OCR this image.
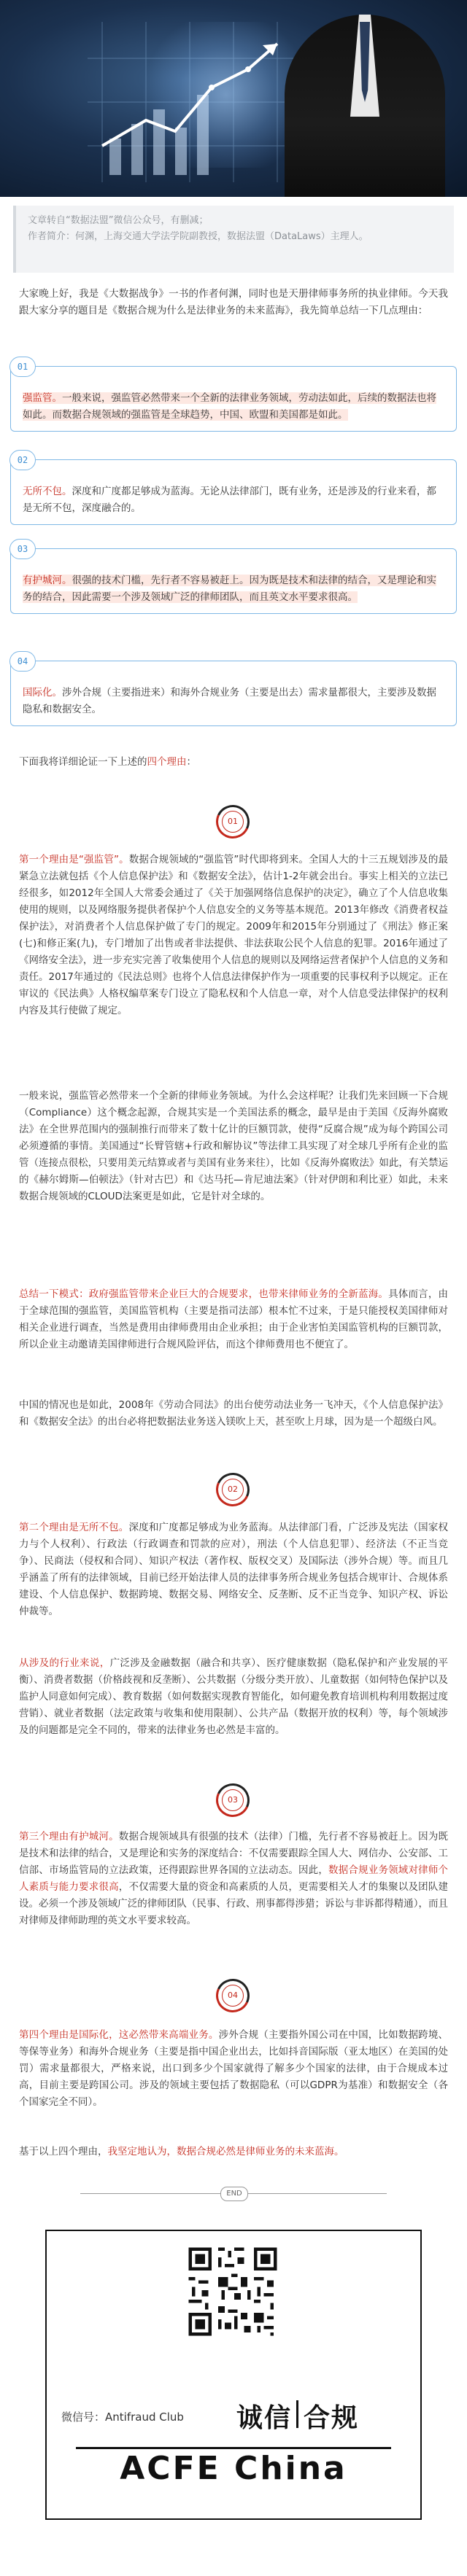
文章转自“数据法盟”微信公众号，有删减；

作者简介：何渊，上海交通大学法学院副教授，数据法盟（DataLaws）主理人。

大家晚上好，我是《大数据战争》一书的作者何渊，同时也是天册律师事务所的执业律师。今天我跟大家分享的题目是《数据合规为什么是法律业务的未来蓝海》，我先简单总结一下几点理由：

01

强监管。一般来说，强监管必然带来一个全新的法律业务领域，劳动法如此，后续的数据法也将如此。而数据合规领域的强监管是全球趋势，中国、欧盟和美国都是如此。

02

无所不包。深度和广度都足够成为蓝海。无论从法律部门，既有业务，还是涉及的行业来看，都是无所不包，深度融合的。

03

有护城河。很强的技术门槛，先行者不容易被赶上。因为既是技术和法律的结合，又是理论和实务的结合，因此需要一个涉及领域广泛的律师团队，而且英文水平要求很高。

04

国际化。涉外合规（主要指进来）和海外合规业务（主要是出去）需求量都很大，主要涉及数据隐私和数据安全。

下面我将详细论证一下上述的四个理由：

01

第一个理由是“强监管”。数据合规领域的“强监管”时代即将到来。全国人大的十三五规划涉及的最紧急立法就包括《个人信息保护法》和《数据安全法》，估计1-2年就会出台。事实上相关的立法已经很多，如2012年全国人大常委会通过了《关于加强网络信息保护的决定》，确立了个人信息收集使用的规则，以及网络服务提供者保护个人信息安全的义务等基本规范。2013年修改《消费者权益保护法》，对消费者个人信息保护做了专门的规定。2009年和2015年分别通过了《刑法》修正案(七)和修正案(九)，专门增加了出售或者非法提供、非法获取公民个人信息的犯罪。2016年通过了《网络安全法》，进一步充实完善了收集使用个人信息的规则以及网络运营者保护个人信息的义务和责任。2017年通过的《民法总则》也将个人信息法律保护作为一项重要的民事权利予以规定。正在审议的《民法典》人格权编草案专门设立了隐私权和个人信息一章，对个人信息受法律保护的权利内容及其行使做了规定。

一般来说，强监管必然带来一个全新的律师业务领域。为什么会这样呢？让我们先来回顾一下合规（Compliance）这个概念起源，合规其实是一个美国法系的概念，最早是由于美国《反海外腐败法》在全世界范围内的强制推行而带来了数十亿计的巨额罚款，使得“反腐合规”成为每个跨国公司必须遵循的事情。美国通过“长臂管辖+行政和解协议”等法律工具实现了对全球几乎所有企业的监管（连接点很松，只要用美元结算或者与美国有业务来往），比如《反海外腐败法》如此，有关禁运的《赫尔姆斯—伯顿法》（针对古巴）和《达马托—肯尼迪法案》（针对伊朗和利比亚）如此，未来数据合规领域的CLOUD法案更是如此，它是针对全球的。

总结一下模式：政府强监管带来企业巨大的合规要求，也带来律师业务的全新蓝海。具体而言，由于全球范围的强监管，美国监管机构（主要是指司法部）根本忙不过来，于是只能授权美国律师对相关企业进行调查，当然是费用由律师费用由企业承担；由于企业害怕美国监管机构的巨额罚款，所以企业主动邀请美国律师进行合规风险评估，而这个律师费用也不便宜了。

中国的情况也是如此，2008年《劳动合同法》的出台使劳动法业务一飞冲天，《个人信息保护法》和《数据安全法》的出台必将把数据法业务送入镁吹上天，甚至吹上月球，因为是一个超级白风。

02

第二个理由是无所不包。深度和广度都足够成为业务蓝海。从法律部门看，广泛涉及宪法（国家权力与个人权利）、行政法（行政调查和罚款的应对），刑法（个人信息犯罪）、经济法（不正当竞争）、民商法（侵权和合同）、知识产权法（著作权、版权交叉）及国际法（涉外合规）等。而且几乎涵盖了所有的法律领域，目前已经开始法律人员的法律事务所合规业务包括合规审计、合规体系建设、个人信息保护、数据跨境、数据交易、网络安全、反垄断、反不正当竞争、知识产权、诉讼仲裁等。

从涉及的行业来说，广泛涉及金融数据（融合和共享）、医疗健康数据（隐私保护和产业发展的平衡）、消费者数据（价格歧视和反垄断）、公共数据（分级分类开放）、儿童数据（如何特色保护以及监护人同意如何完成）、教育数据（如何数据实现教育智能化，如何避免教育培训机构利用数据过度营销）、就业者数据（法定政策与收集和使用限制）、公共产品（数据开放的权利）等，每个领域涉及的问题都是完全不同的，带来的法律业务也必然是丰富的。

03

第三个理由有护城河。数据合规领域具有很强的技术（法律）门槛，先行者不容易被赶上。因为既是技术和法律的结合，又是理论和实务的深度结合：不仅需要跟踪全国人大、网信办、公安部、工信部、市场监管局的立法政策，还得跟踪世界各国的立法动态。因此，数据合规业务领域对律师个人素质与能力要求很高，不仅需要大量的资金和高素质的人员，更需要相关人才的集聚以及团队建设。必须一个涉及领域广泛的律师团队（民事、行政、刑事都得涉猎；诉讼与非诉都得精通），而且对律师及律师助理的英文水平要求较高。

04

第四个理由是国际化，这必然带来高端业务。涉外合规（主要指外国公司在中国，比如数据跨境、等保等业务）和海外合规业务（主要是指中国企业出去，比如抖音国际版（亚太地区）在美国的处罚）需求量都很大，严格来说，出口到多少个国家就得了解多少个国家的法律，由于合规成本过高，目前主要是跨国公司。涉及的领域主要包括了数据隐私（可以GDPR为基准）和数据安全（各个国家完全不同）。

基于以上四个理由，我坚定地认为，数据合规必然是律师业务的未来蓝海。

END
微信号：Antifraud Club 诚信 合规
ACFE China
